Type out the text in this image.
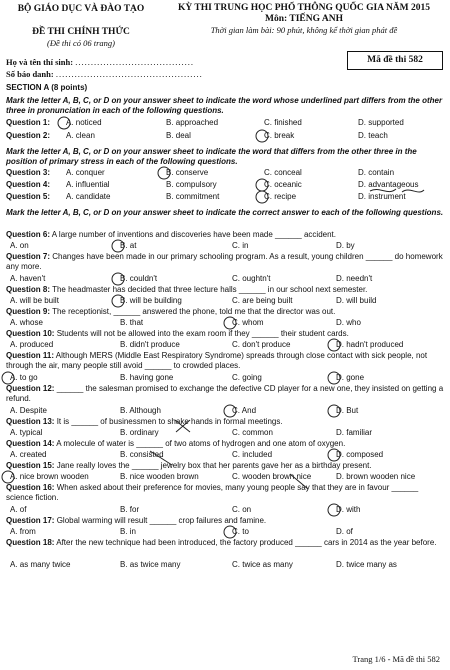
BỘ GIÁO DỤC VÀ ĐÀO TẠO
ĐỀ THI CHÍNH THỨC
(Đề thi có 06 trang)
KỲ THI TRUNG HỌC PHỔ THÔNG QUỐC GIA NĂM 2015
Môn: TIẾNG ANH
Thời gian làm bài: 90 phút, không kể thời gian phát đề
Mã đề thi 582
Họ và tên thí sinh: ......................................
Số báo danh: ...............................................
SECTION A (8 points)
Mark the letter A, B, C, or D on your answer sheet to indicate the word whose underlined part differs from the other three in pronunciation in each of the following questions.
Question 1: A. noticed	B. approached	C. finished	D. supported
Question 2: A. clean	B. deal	C. break	D. teach
Mark the letter A, B, C, or D on your answer sheet to indicate the word that differs from the other three in the position of primary stress in each of the following questions.
Question 3: A. conquer	B. conserve	C. conceal	D. contain
Question 4: A. influential	B. compulsory	C. oceanic	D. advantageous
Question 5: A. candidate	B. commitment	C. recipe	D. instrument
Mark the letter A, B, C, or D on your answer sheet to indicate the correct answer to each of the following questions.
Question 6: A large number of inventions and discoveries have been made ______ accident.
A. on	B. at	C. in	D. by
Question 7: Changes have been made in our primary schooling program. As a result, young children ______ do homework any more.
A. haven't	B. couldn't	C. oughtn't	D. needn't
Question 8: The headmaster has decided that three lecture halls ______ in our school next semester.
A. will be built	B. will be building	C. are being built	D. will build
Question 9: The receptionist, ______ answered the phone, told me that the director was out.
A. whose	B. that	C. whom	D. who
Question 10: Students will not be allowed into the exam room if they ______ their student cards.
A. produced	B. didn't produce	C. don't produce	D. hadn't produced
Question 11: Although MERS (Middle East Respiratory Syndrome) spreads through close contact with sick people, not through the air, many people still avoid ______ to crowded places.
A. to go	B. having gone	C. going	D. gone
Question 12: ______ the salesman promised to exchange the defective CD player for a new one, they insisted on getting a refund.
A. Despite	B. Although	C. And	D. But
Question 13: It is ______ of businessmen to shake hands in formal meetings.
A. typical	B. ordinary	C. common	D. familiar
Question 14: A molecule of water is ______ of two atoms of hydrogen and one atom of oxygen.
A. created	B. consisted	C. included	D. composed
Question 15: Jane really loves the ______ jewelry box that her parents gave her as a birthday present.
A. nice brown wooden	B. nice wooden brown	C. wooden brown nice	D. brown wooden nice
Question 16: When asked about their preference for movies, many young people say that they are in favour ______ science fiction.
A. of	B. for	C. on	D. with
Question 17: Global warming will result ______ crop failures and famine.
A. from	B. in	C. to	D. of
Question 18: After the new technique had been introduced, the factory produced ______ cars in 2014 as the year before.
A. as many twice	B. as twice many	C. twice as many	D. twice many as
Trang 1/6 - Mã đề thi 582
